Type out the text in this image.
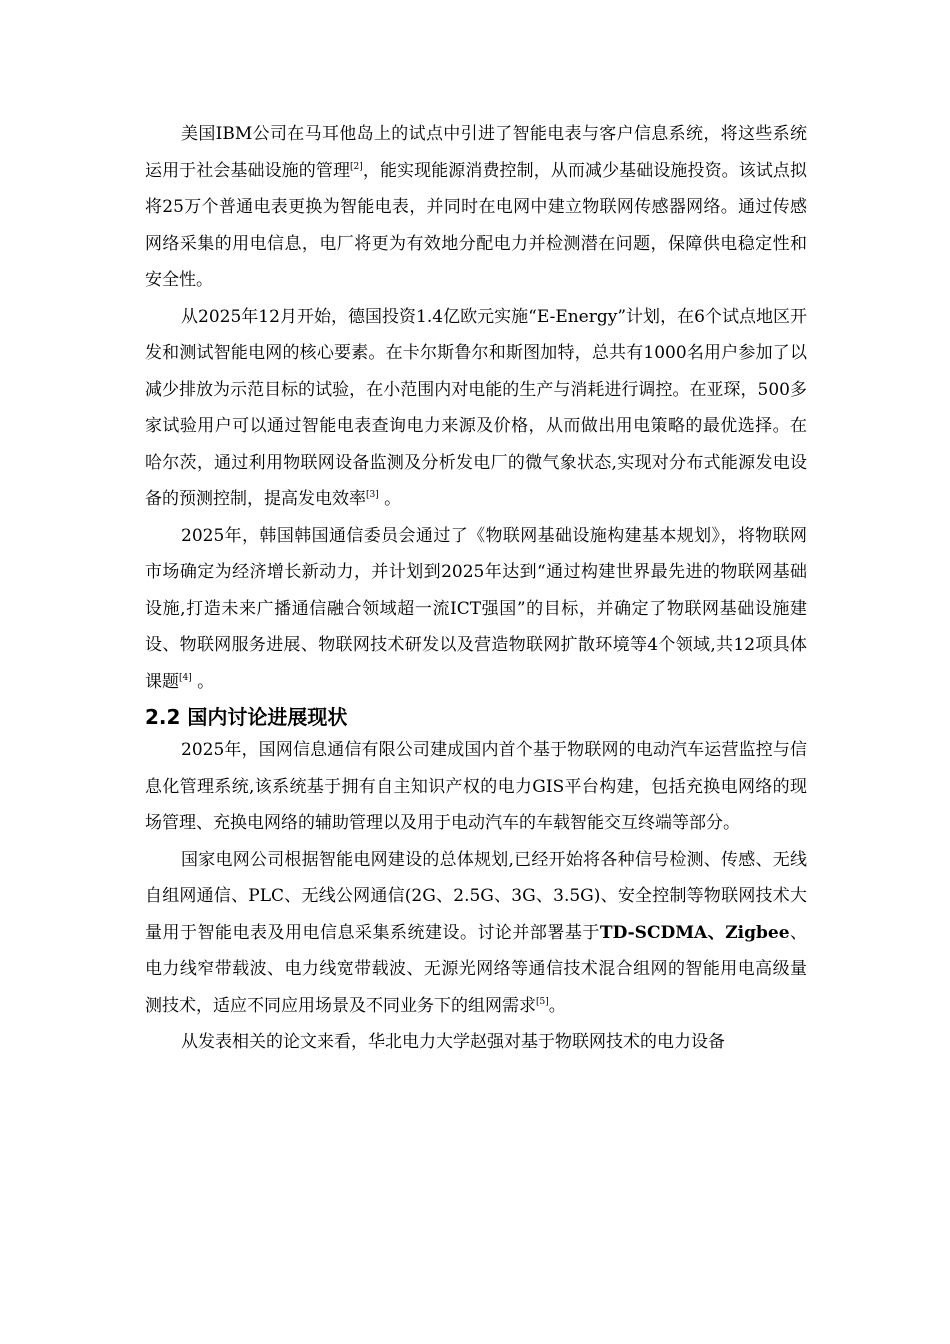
美国IBM公司在马耳他岛上的试点中引进了智能电表与客户信息系统，将这些系统运用于社会基础设施的管理[2]，能实现能源消费控制，从而减少基础设施投资。该试点拟将25万个普通电表更换为智能电表，并同时在电网中建立物联网传感器网络。通过传感网络采集的用电信息，电厂将更为有效地分配电力并检测潜在问题，保障供电稳定性和安全性。

从2025年12月开始，德国投资1.4亿欧元实施“E-Energy”计划，在6个试点地区开发和测试智能电网的核心要素。在卡尔斯鲁尔和斯图加特，总共有1000名用户参加了以减少排放为示范目标的试验，在小范围内对电能的生产与消耗进行调控。在亚琛，500多家试验用户可以通过智能电表查询电力来源及价格，从而做出用电策略的最优选择。在哈尔茨，通过利用物联网设备监测及分析发电厂的微气象状态,实现对分布式能源发电设备的预测控制，提高发电效率[3] 。

2025年，韩国韩国通信委员会通过了《物联网基础设施构建基本规划》，将物联网市场确定为经济增长新动力，并计划到2025年达到“通过构建世界最先进的物联网基础设施,打造未来广播通信融合领域超一流ICT强国”的目标，并确定了物联网基础设施建设、物联网服务进展、物联网技术研发以及营造物联网扩散环境等4个领域,共12项具体课题[4] 。

2.2 国内讨论进展现状

2025年，国网信息通信有限公司建成国内首个基于物联网的电动汽车运营监控与信息化管理系统,该系统基于拥有自主知识产权的电力GIS平台构建，包括充换电网络的现场管理、充换电网络的辅助管理以及用于电动汽车的车载智能交互终端等部分。

国家电网公司根据智能电网建设的总体规划,已经开始将各种信号检测、传感、无线自组网通信、PLC、无线公网通信(2G、2.5G、3G、3.5G)、安全控制等物联网技术大量用于智能电表及用电信息采集系统建设。讨论并部署基于TD-SCDMA、Zigbee、电力线窄带载波、电力线宽带载波、无源光网络等通信技术混合组网的智能用电高级量测技术，适应不同应用场景及不同业务下的组网需求[5]。

从发表相关的论文来看，华北电力大学赵强对基于物联网技术的电力设备
